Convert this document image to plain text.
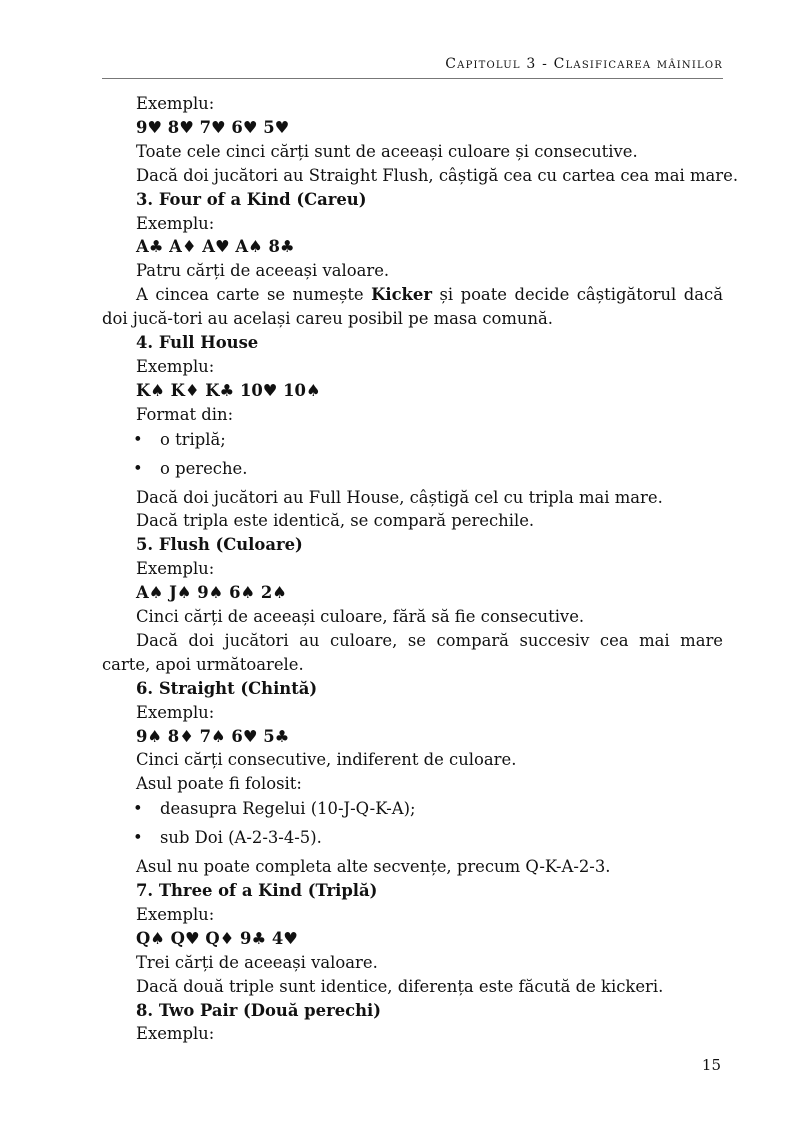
Capitolul 3 - Clasificarea mâinilor

Exemplu:

9♥ 8♥ 7♥ 6♥ 5♥

Toate cele cinci cărți sunt de aceeași culoare și consecutive.

Dacă doi jucători au Straight Flush, câștigă cea cu cartea cea mai mare.

3. Four of a Kind (Careu)

Exemplu:

A♣ A♦ A♥ A♠ 8♣

Patru cărți de aceeași valoare.

A cincea carte se numește Kicker și poate decide câștigătorul dacă doi jucă-tori au același careu posibil pe masa comună.

4. Full House

Exemplu:

K♠ K♦ K♣ 10♥ 10♠

Format din:

• o triplă;
• o pereche.

Dacă doi jucători au Full House, câștigă cel cu tripla mai mare.

Dacă tripla este identică, se compară perechile.

5. Flush (Culoare)

Exemplu:

A♠ J♠ 9♠ 6♠ 2♠

Cinci cărți de aceeași culoare, fără să fie consecutive.

Dacă doi jucători au culoare, se compară succesiv cea mai mare carte, apoi următoarele.

6. Straight (Chintă)

Exemplu:

9♠ 8♦ 7♠ 6♥ 5♣

Cinci cărți consecutive, indiferent de culoare.

Asul poate fi folosit:

• deasupra Regelui (10-J-Q-K-A);
• sub Doi (A-2-3-4-5).

Asul nu poate completa alte secvențe, precum Q-K-A-2-3.

7. Three of a Kind (Triplă)

Exemplu:

Q♠ Q♥ Q♦ 9♣ 4♥

Trei cărți de aceeași valoare.

Dacă două triple sunt identice, diferența este făcută de kickeri.

8. Two Pair (Două perechi)

Exemplu:

15
